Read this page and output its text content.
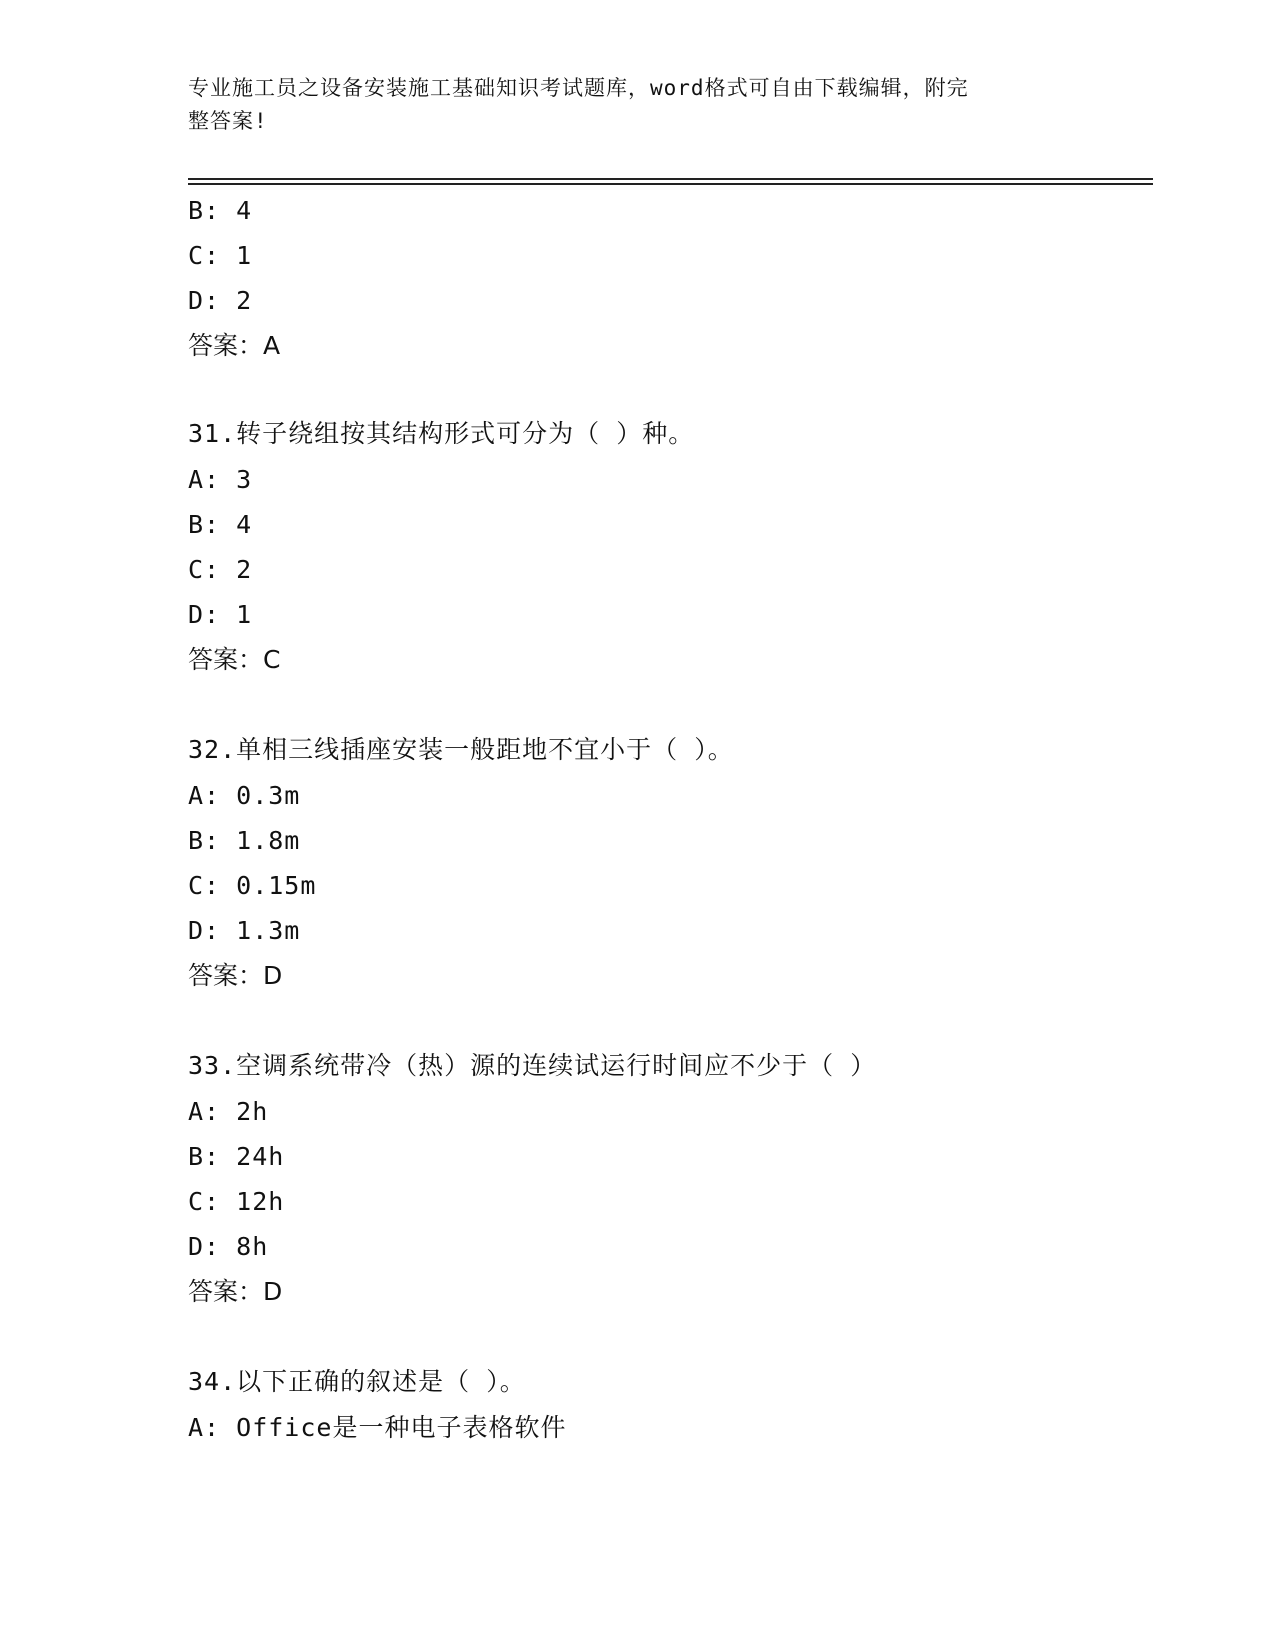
专业施工员之设备安装施工基础知识考试题库，word格式可自由下载编辑，附完
整答案!
B: 4
C: 1
D: 2
答案：A
31.转子绕组按其结构形式可分为（ ）种。
A: 3
B: 4
C: 2
D: 1
答案：C
32.单相三线插座安装一般距地不宜小于（ ）。
A: 0.3m
B: 1.8m
C: 0.15m
D: 1.3m
答案：D
33.空调系统带冷（热）源的连续试运行时间应不少于（ ）
A: 2h
B: 24h
C: 12h
D: 8h
答案：D
34.以下正确的叙述是（ ）。
A: Office是一种电子表格软件
